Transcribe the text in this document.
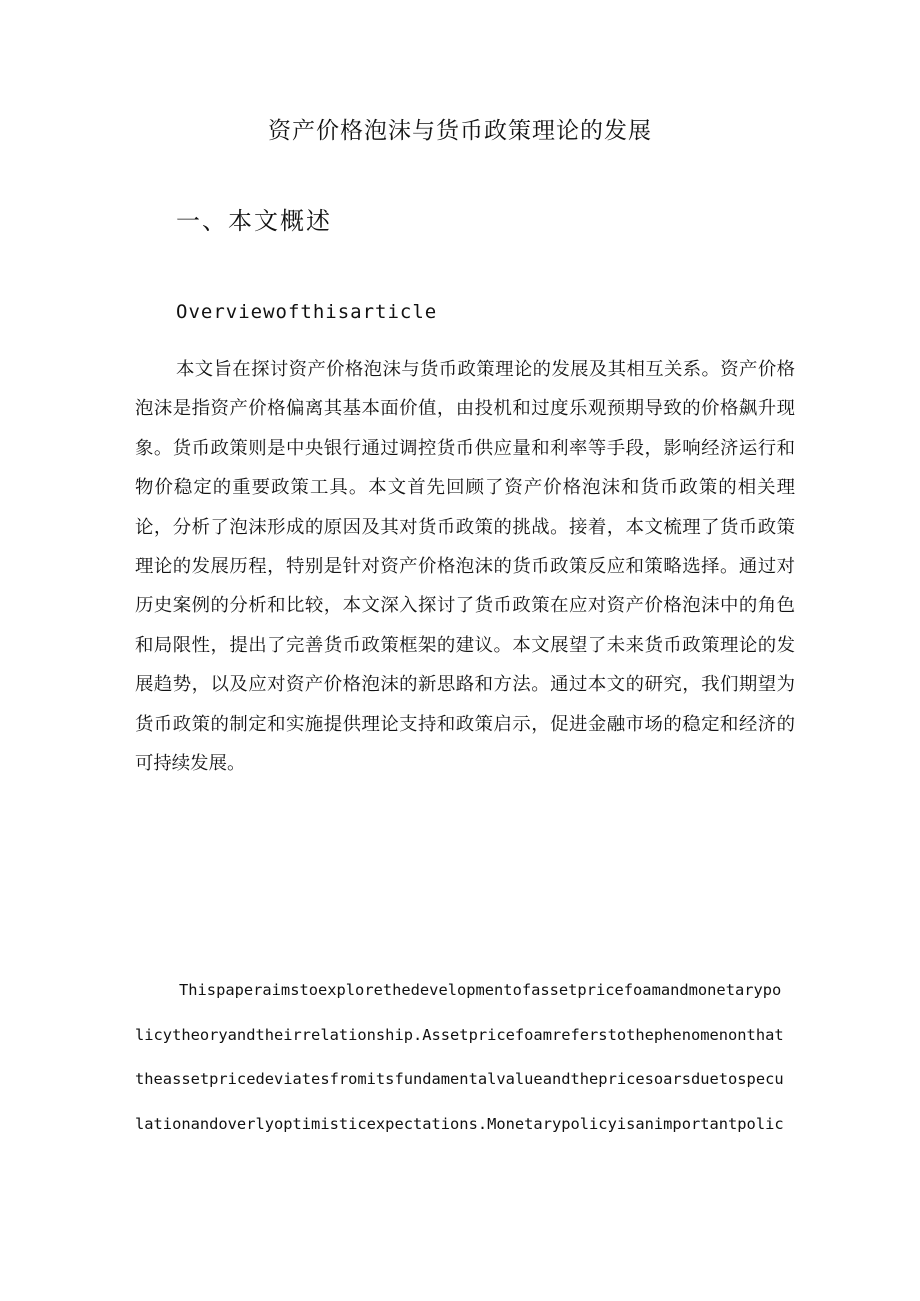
资产价格泡沫与货币政策理论的发展
一、本文概述
Overviewofthisarticle

本文旨在探讨资产价格泡沫与货币政策理论的发展及其相互关系。资产价格泡沫是指资产价格偏离其基本面价值，由投机和过度乐观预期导致的价格飙升现象。货币政策则是中央银行通过调控货币供应量和利率等手段，影响经济运行和物价稳定的重要政策工具。本文首先回顾了资产价格泡沫和货币政策的相关理论，分析了泡沫形成的原因及其对货币政策的挑战。接着，本文梳理了货币政策理论的发展历程，特别是针对资产价格泡沫的货币政策反应和策略选择。通过对历史案例的分析和比较，本文深入探讨了货币政策在应对资产价格泡沫中的角色和局限性，提出了完善货币政策框架的建议。本文展望了未来货币政策理论的发展趋势，以及应对资产价格泡沫的新思路和方法。通过本文的研究，我们期望为货币政策的制定和实施提供理论支持和政策启示，促进金融市场的稳定和经济的可持续发展。

Thispaperaimstoexplorethedevelopmentofassetpricefoamandmonetarypolicytheoryandtheirrelationship.Assetpricefoamreferstothephenomenonthattheassetpricedeviatesfromitsfundamentalvalueandthepricesoarsduetospeculationandoverlyoptimisticexpectations.Monetarypolicyisanimportantpolic
